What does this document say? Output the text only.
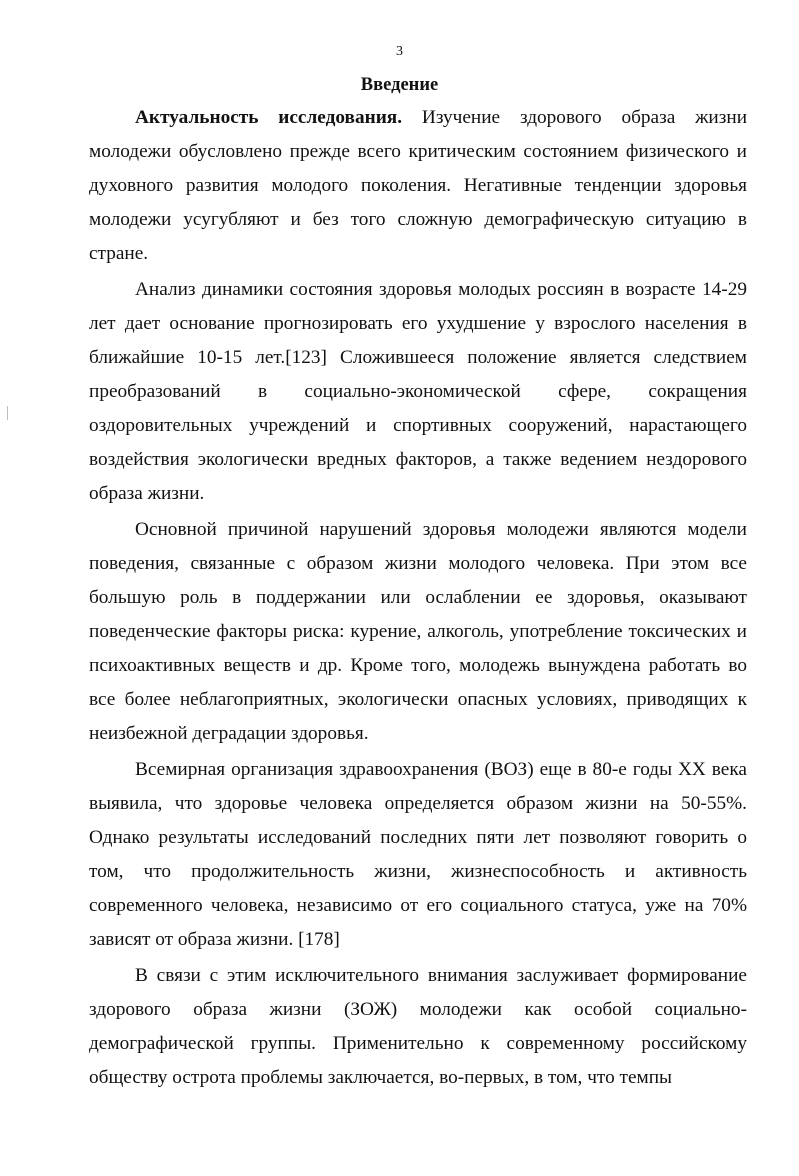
3
Введение

Актуальность исследования. Изучение здорового образа жизни молодежи обусловлено прежде всего критическим состоянием физического и духовного развития молодого поколения. Негативные тенденции здоровья молодежи усугубляют и без того сложную демографическую ситуацию в стране.

Анализ динамики состояния здоровья молодых россиян в возрасте 14-29 лет дает основание прогнозировать его ухудшение у взрослого населения в ближайшие 10-15 лет.[123] Сложившееся положение является следствием преобразований в социально-экономической сфере, сокращения оздоровительных учреждений и спортивных сооружений, нарастающего воздействия экологически вредных факторов, а также ведением нездорового образа жизни.

Основной причиной нарушений здоровья молодежи являются модели поведения, связанные с образом жизни молодого человека. При этом все большую роль в поддержании или ослаблении ее здоровья, оказывают поведенческие факторы риска: курение, алкоголь, употребление токсических и психоактивных веществ и др. Кроме того, молодежь вынуждена работать во все более неблагоприятных, экологически опасных условиях, приводящих к неизбежной деградации здоровья.

Всемирная организация здравоохранения (ВОЗ) еще в 80-е годы XX века выявила, что здоровье человека определяется образом жизни на 50-55%. Однако результаты исследований последних пяти лет позволяют говорить о том, что продолжительность жизни, жизнеспособность и активность современного человека, независимо от его социального статуса, уже на 70% зависят от образа жизни. [178]

В связи с этим исключительного внимания заслуживает формирование здорового образа жизни (ЗОЖ) молодежи как особой социально-демографической группы. Применительно к современному российскому обществу острота проблемы заключается, во-первых, в том, что темпы
